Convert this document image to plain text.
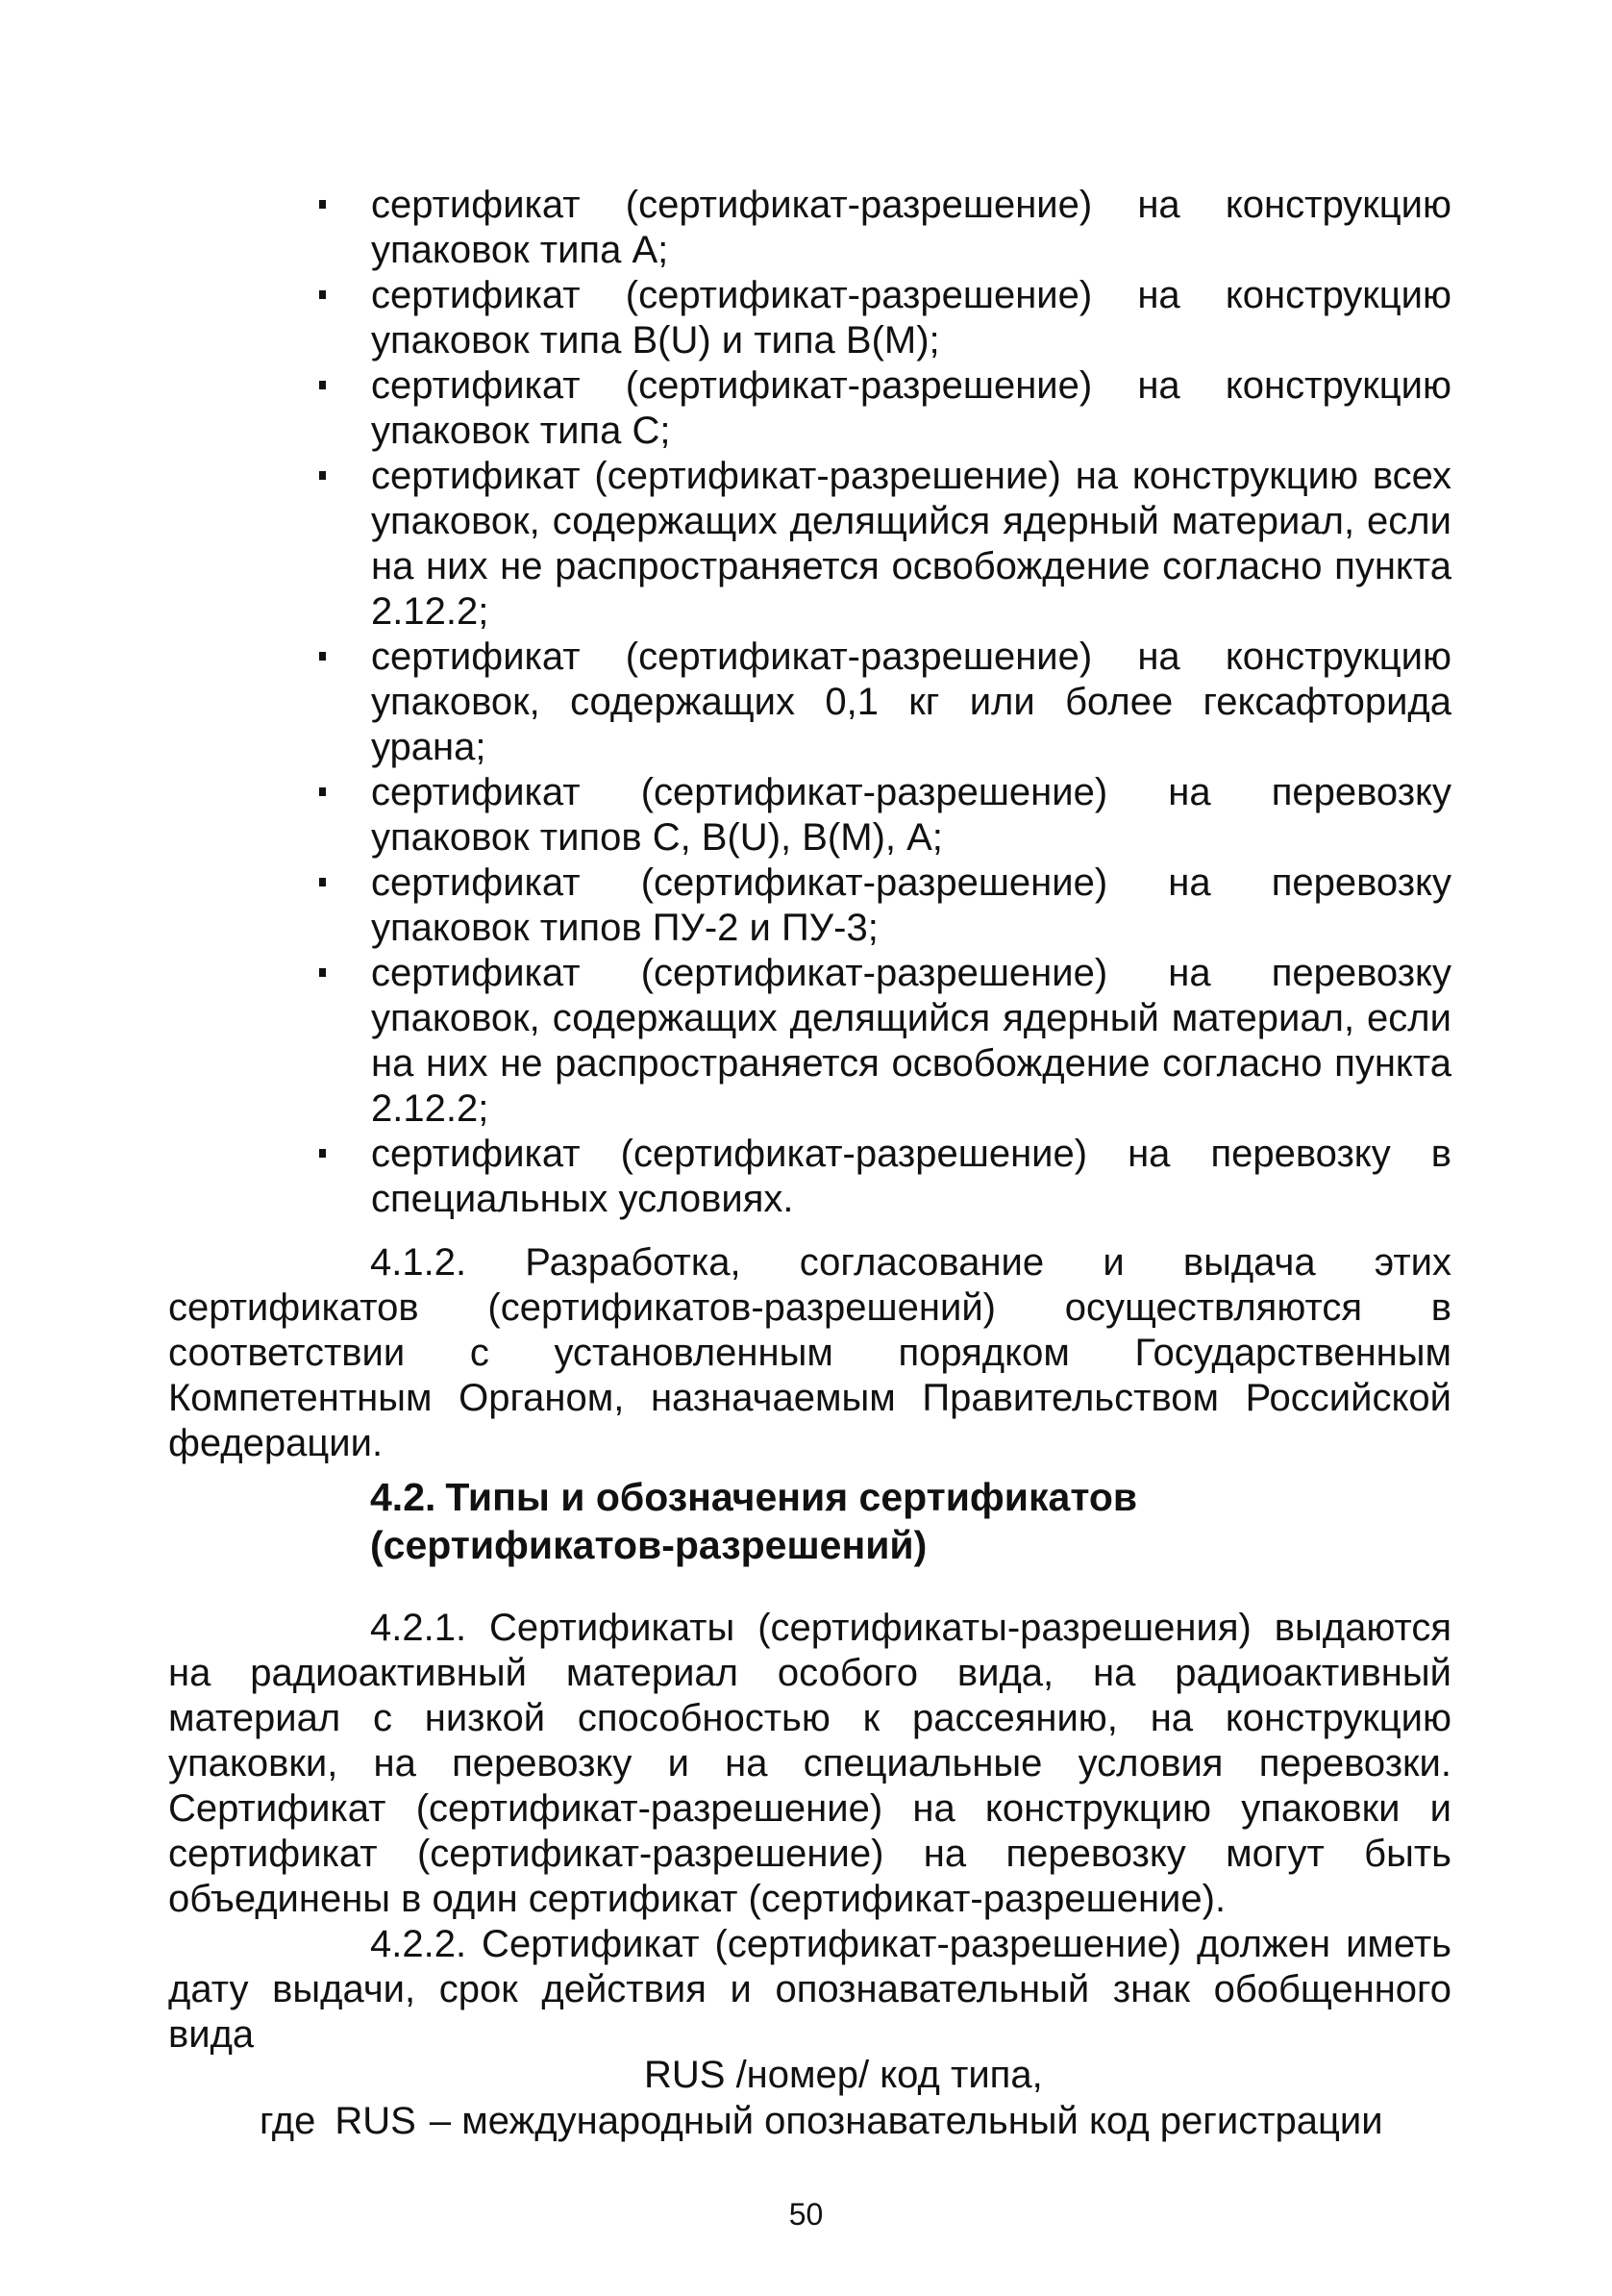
сертификат (сертификат-разрешение) на конструкцию упаковок типа А;
сертификат (сертификат-разрешение) на конструкцию упаковок типа В(U) и типа В(М);
сертификат (сертификат-разрешение) на конструкцию упаковок типа С;
сертификат (сертификат-разрешение) на конструкцию всех упаковок, содержащих делящийся ядерный материал, если на них не распространяется освобождение согласно пункта 2.12.2;
сертификат (сертификат-разрешение) на конструкцию упаковок, содержащих 0,1 кг или более гексафторида урана;
сертификат (сертификат-разрешение) на перевозку упаковок типов С, В(U), В(М), А;
сертификат (сертификат-разрешение) на перевозку упаковок типов ПУ-2 и ПУ-3;
сертификат (сертификат-разрешение) на перевозку упаковок, содержащих делящийся ядерный материал, если на них не распространяется освобождение согласно пункта 2.12.2;
сертификат (сертификат-разрешение) на перевозку в специальных условиях.

4.1.2. Разработка, согласование и выдача этих сертификатов (сертификатов-разрешений) осуществляются в соответствии с установленным порядком Государственным Компетентным Органом, назначаемым Правительством Российской федерации.

4.2. Типы и обозначения сертификатов
(сертификатов-разрешений)

4.2.1. Сертификаты (сертификаты-разрешения) выдаются на радиоактивный материал особого вида, на радиоактивный материал с низкой способностью к рассеянию, на конструкцию упаковки, на перевозку и на специальные условия перевозки. Сертификат (сертификат-разрешение) на конструкцию упаковки и сертификат (сертификат-разрешение) на перевозку могут быть объединены в один сертификат (сертификат-разрешение).

4.2.2. Сертификат (сертификат-разрешение) должен иметь дату выдачи, срок действия и опознавательный знак обобщенного вида

RUS /номер/ код типа,

где RUS – международный опознавательный код регистрации

50
